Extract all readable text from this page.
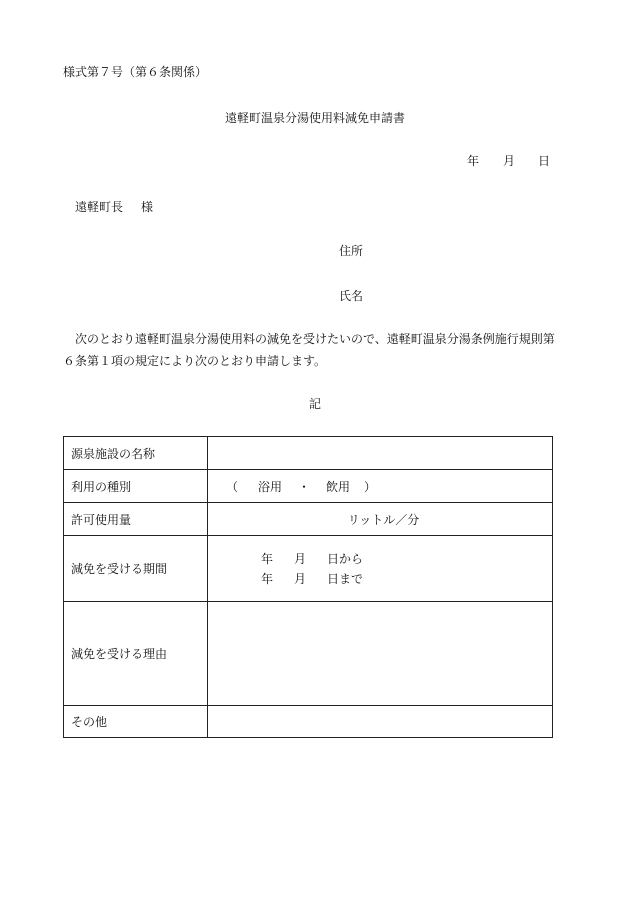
様式第７号（第６条関係）
遠軽町温泉分湯使用料減免申請書
年 月 日
遠軽町長 様
住所
氏名
　次のとおり遠軽町温泉分湯使用料の減免を受けたいので、遠軽町温泉分湯条例施行規則第６条第１項の規定により次のとおり申請します。
記
源泉施設の名称	
利用の種別	（ 浴用 ・ 飲用 ）
許可使用量	リットル／分
減免を受ける期間	年 月 日から
年 月 日まで

減免を受ける理由	
その他	
